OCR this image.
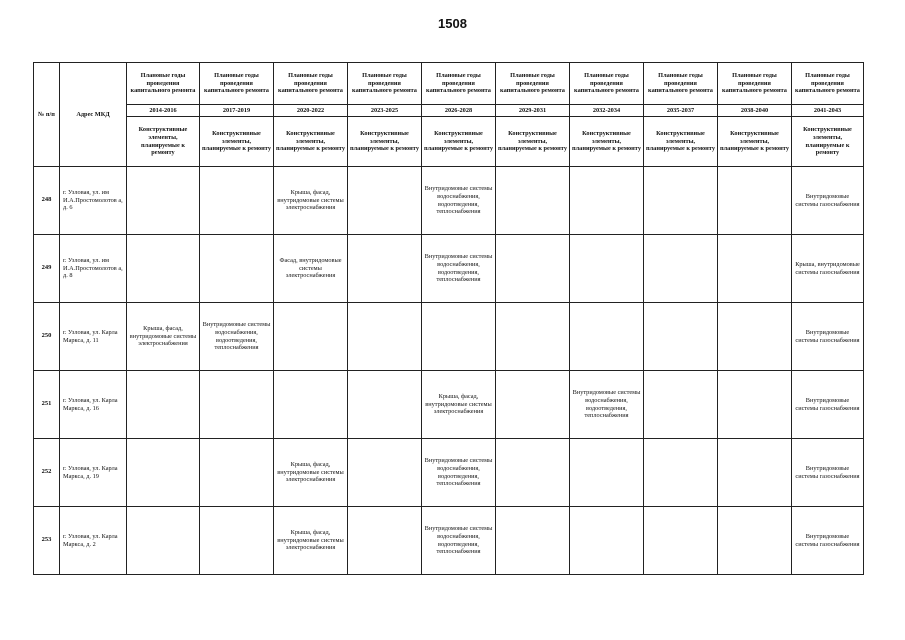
1508
№ п/п	Адрес МКД	Плановые годы проведения капитального ремонта	Плановые годы проведения капитального ремонта	Плановые годы проведения капитального ремонта	Плановые годы проведения капитального ремонта	Плановые годы проведения капитального ремонта	Плановые годы проведения капитального ремонта	Плановые годы проведения капитального ремонта	Плановые годы проведения капитального ремонта	Плановые годы проведения капитального ремонта	Плановые годы проведения капитального ремонта
		2014-2016	2017-2019	2020-2022	2023-2025	2026-2028	2029-2031	2032-2034	2035-2037	2038-2040	2041-2043
		Конструктивные элементы, планируемые к ремонту	Конструктивные элементы, планируемые к ремонту	Конструктивные элементы, планируемые к ремонту	Конструктивные элементы, планируемые к ремонту	Конструктивные элементы, планируемые к ремонту	Конструктивные элементы, планируемые к ремонту	Конструктивные элементы, планируемые к ремонту	Конструктивные элементы, планируемые к ремонту	Конструктивные элементы, планируемые к ремонту	Конструктивные элементы, планируемые к ремонту
248	г. Узловая, ул. им И.А.Простомолотов а, д. 6			Крыша, фасад, внутридомовые системы электроснабжения		Внутридомовые системы водоснабжения, водоотведения, теплоснабжения					Внутридомовые системы газоснабжения
249	г. Узловая, ул. им И.А.Простомолотов а, д. 8			Фасад, внутридомовые системы электроснабжения		Внутридомовые системы водоснабжения, водоотведения, теплоснабжения					Крыша, внутридомовые системы газоснабжения
250	г. Узловая, ул. Карла Маркса, д. 11	Крыша, фасад, внутридомовые системы электроснабжения	Внутридомовые системы водоснабжения, водоотведения, теплоснабжения								Внутридомовые системы газоснабжения
251	г. Узловая, ул. Карла Маркса, д. 16					Крыша, фасад, внутридомовые системы электроснабжения		Внутридомовые системы водоснабжения, водоотведения, теплоснабжения			Внутридомовые системы газоснабжения
252	г. Узловая, ул. Карла Маркса, д. 19			Крыша, фасад, внутридомовые системы электроснабжения		Внутридомовые системы водоснабжения, водоотведения, теплоснабжения					Внутридомовые системы газоснабжения
253	г. Узловая, ул. Карла Маркса, д. 2			Крыша, фасад, внутридомовые системы электроснабжения		Внутридомовые системы водоснабжения, водоотведения, теплоснабжения					Внутридомовые системы газоснабжения
